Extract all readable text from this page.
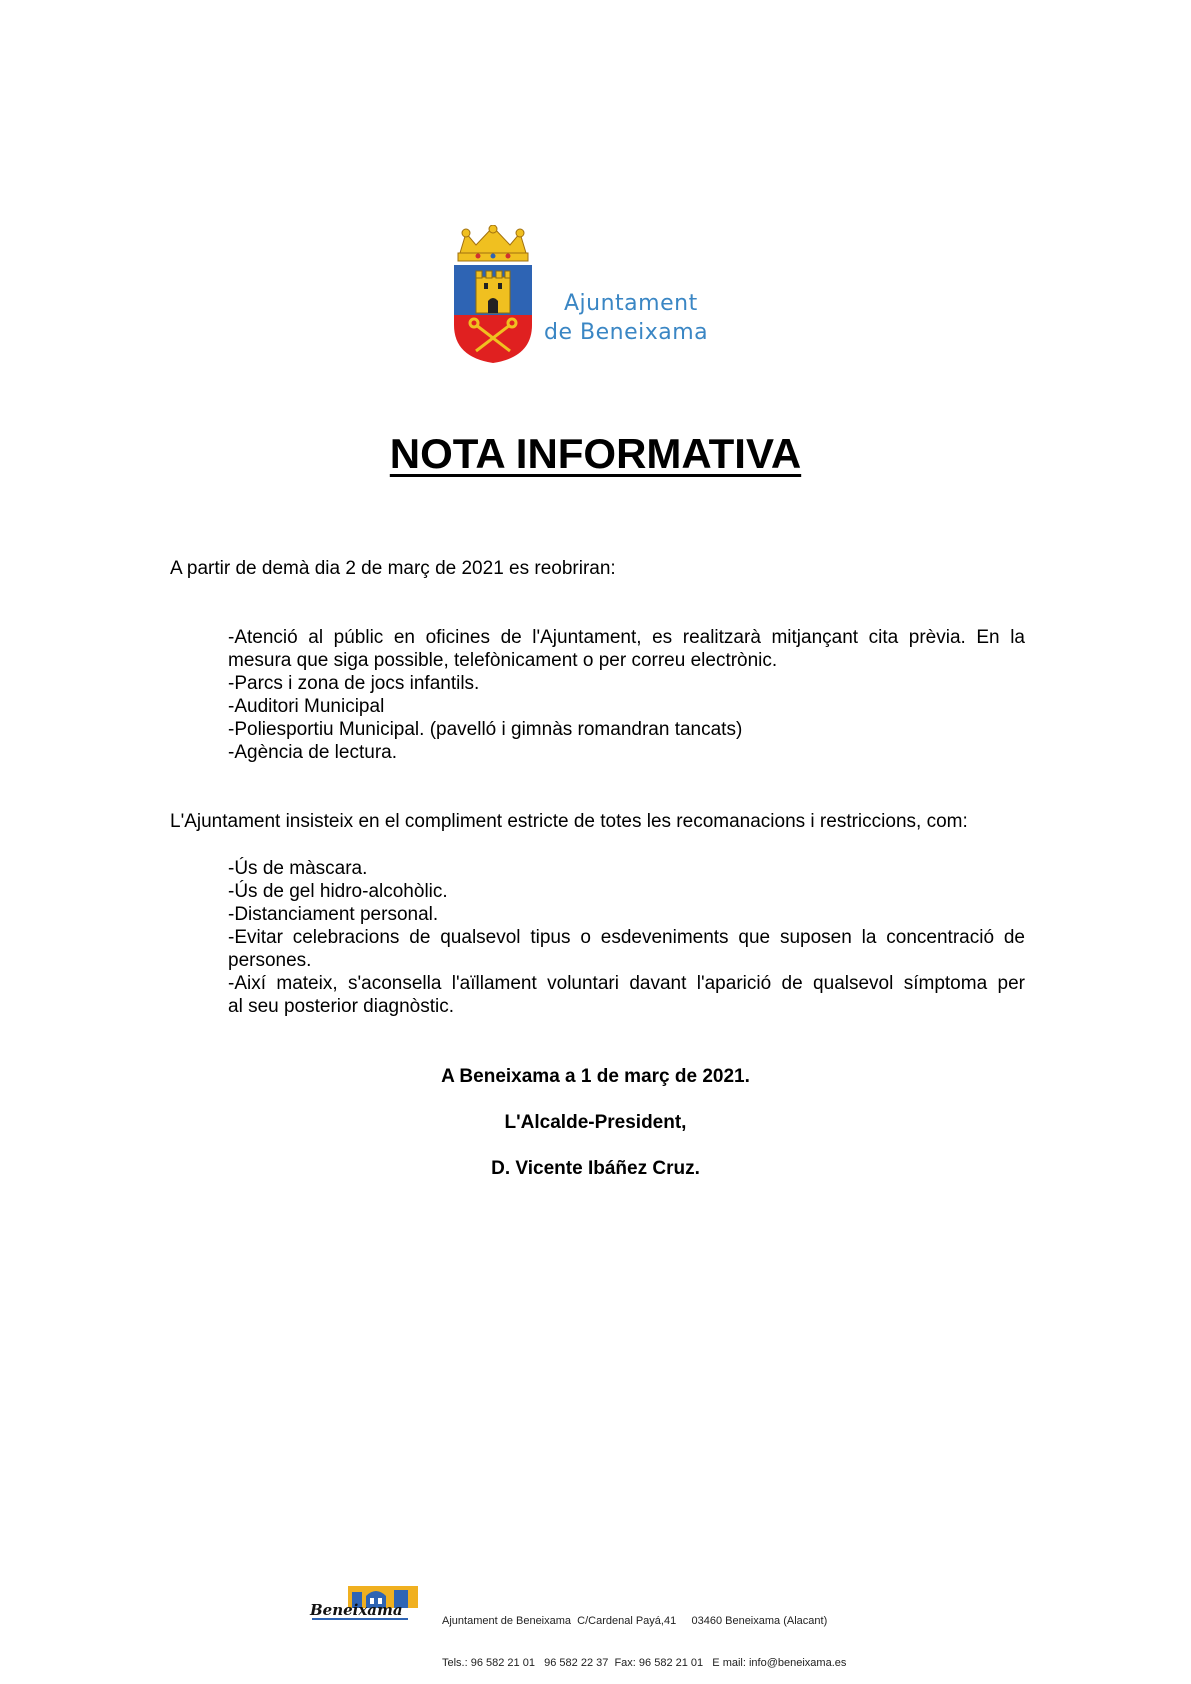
Ajuntament
de Beneixama
NOTA INFORMATIVA
A partir de demà dia 2 de març de 2021 es reobriran:
-Atenció al públic en oficines de l'Ajuntament, es realitzarà mitjançant cita prèvia. En la
mesura que siga possible, telefònicament o per correu electrònic.
-Parcs i zona de jocs infantils.
-Auditori Municipal
-Poliesportiu Municipal. (pavelló i gimnàs romandran tancats)
-Agència de lectura.
L'Ajuntament insisteix en el compliment estricte de totes les recomanacions i restriccions, com:
-Ús de màscara.
-Ús de gel hidro-alcohòlic.
-Distanciament personal.
-Evitar celebracions de qualsevol tipus o esdeveniments que suposen la concentració de
persones.
-Així mateix, s'aconsella l'aïllament voluntari davant l'aparició de qualsevol símptoma per
al seu posterior diagnòstic.
A Beneixama a 1 de març de 2021.
L'Alcalde-President,
D. Vicente Ibáñez Cruz.
Beneixama

Ajuntament de Beneixama  C/Cardenal Payá,41     03460 Beneixama (Alacant)

Tels.: 96 582 21 01   96 582 22 37  Fax: 96 582 21 01   E mail: info@beneixama.es
